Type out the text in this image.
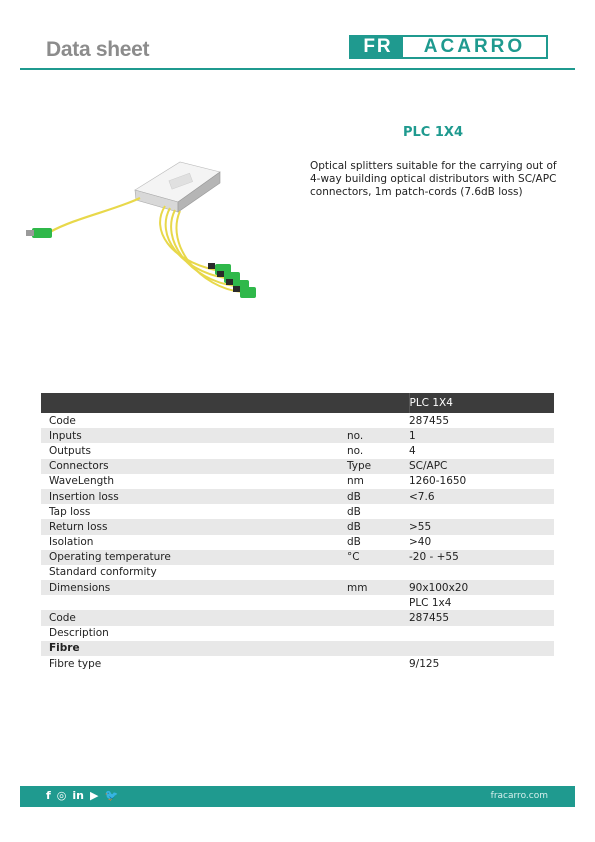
Data sheet	FR	ACARRO
PLC 1X4
Optical splitters suitable for the carrying out of 4-way building optical distributors with SC/APC connectors, 1m patch-cords (7.6dB loss)
		PLC 1X4
Code		287455
Inputs	no.	1
Outputs	no.	4
Connectors	Type	SC/APC
WaveLength	nm	1260-1650
Insertion loss	dB	<7.6
Tap loss	dB	
Return loss	dB	>55
Isolation	dB	>40
Operating temperature	°C	-20 - +55
Standard conformity		
Dimensions	mm	90x100x20
		PLC 1x4
Code		287455
Description		
Fibre		
Fibre type		9/125
f ◎ in ▶ 🐦	fracarro.com
